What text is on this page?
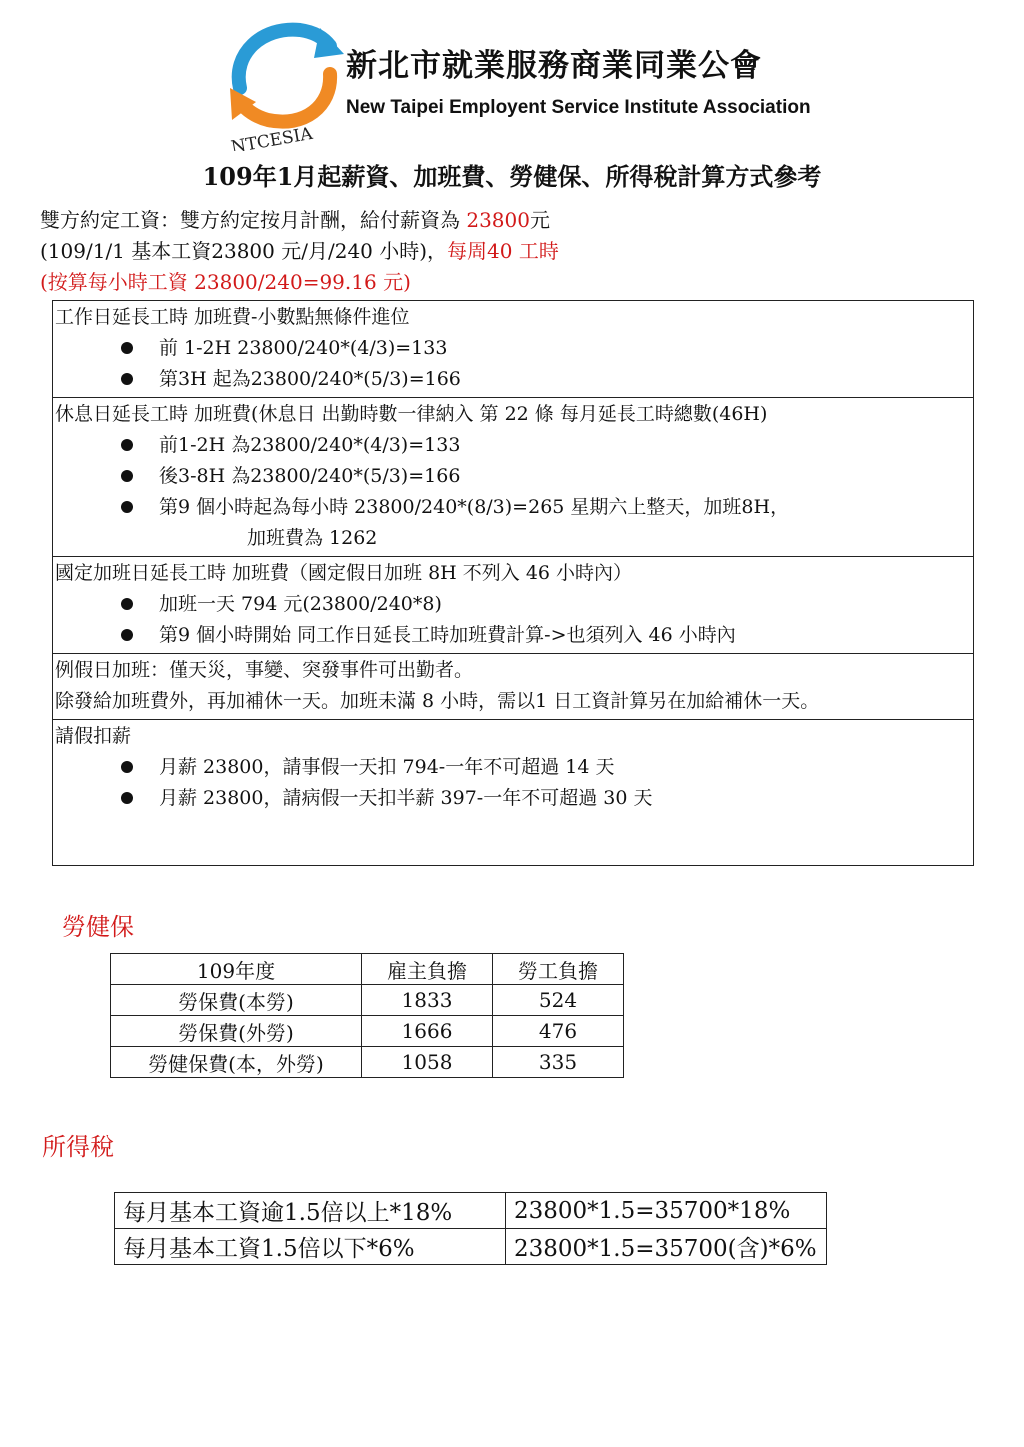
NTCESIA
新北市就業服務商業同業公會
New Taipei Employent Service Institute Association
109年1月起薪資、加班費、勞健保、所得稅計算方式參考
雙方約定工資：雙方約定按月計酬，給付薪資為 23800元
(109/1/1 基本工資23800 元/月/240 小時)，每周40 工時
(按算每小時工資 23800/240=99.16 元)
工作日延長工時 加班費-小數點無條件進位
前 1-2H 23800/240*(4/3)=133
第3H 起為23800/240*(5/3)=166
休息日延長工時 加班費(休息日 出勤時數一律納入 第 22 條 每月延長工時總數(46H)
前1-2H 為23800/240*(4/3)=133
後3-8H 為23800/240*(5/3)=166
第9 個小時起為每小時 23800/240*(8/3)=265 星期六上整天，加班8H，
加班費為 1262
國定加班日延長工時 加班費（國定假日加班 8H 不列入 46 小時內）
加班一天 794 元(23800/240*8)
第9 個小時開始 同工作日延長工時加班費計算->也須列入 46 小時內
例假日加班：僅天災，事變、突發事件可出勤者。
除發給加班費外，再加補休一天。加班未滿 8 小時，需以1 日工資計算另在加給補休一天。
請假扣薪
月薪 23800，請事假一天扣 794-一年不可超過 14 天
月薪 23800，請病假一天扣半薪 397-一年不可超過 30 天
勞健保
109年度	雇主負擔	勞工負擔
勞保費(本勞)	1833	524
勞保費(外勞)	1666	476
勞健保費(本，外勞)	1058	335
所得稅
每月基本工資逾1.5倍以上*18%	23800*1.5=35700*18%
每月基本工資1.5倍以下*6%	23800*1.5=35700(含)*6%
